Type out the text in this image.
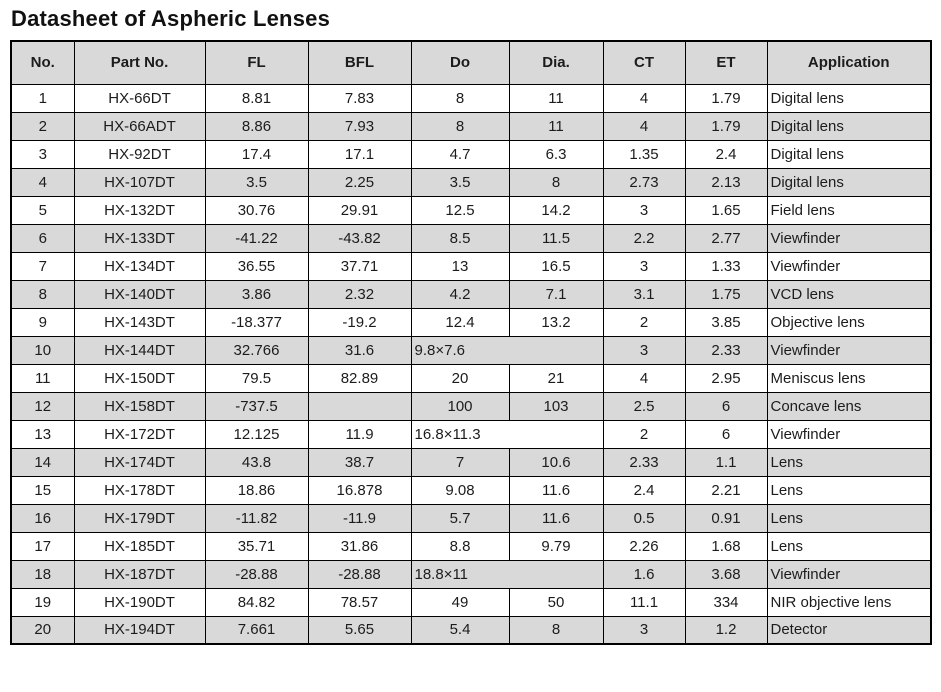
Datasheet of Aspheric Lenses
No.	Part No.	FL	BFL	Do	Dia.	CT	ET	Application
1	HX-66DT	8.81	7.83	8	11	4	1.79	Digital lens
2	HX-66ADT	8.86	7.93	8	11	4	1.79	Digital lens
3	HX-92DT	17.4	17.1	4.7	6.3	1.35	2.4	Digital lens
4	HX-107DT	3.5	2.25	3.5	8	2.73	2.13	Digital lens
5	HX-132DT	30.76	29.91	12.5	14.2	3	1.65	Field lens
6	HX-133DT	-41.22	-43.82	8.5	11.5	2.2	2.77	Viewfinder
7	HX-134DT	36.55	37.71	13	16.5	3	1.33	Viewfinder
8	HX-140DT	3.86	2.32	4.2	7.1	3.1	1.75	VCD lens
9	HX-143DT	-18.377	-19.2	12.4	13.2	2	3.85	Objective lens
10	HX-144DT	32.766	31.6	9.8×7.6		3	2.33	Viewfinder
11	HX-150DT	79.5	82.89	20	21	4	2.95	Meniscus lens
12	HX-158DT	-737.5		100	103	2.5	6	Concave lens
13	HX-172DT	12.125	11.9	16.8×11.3		2	6	Viewfinder
14	HX-174DT	43.8	38.7	7	10.6	2.33	1.1	Lens
15	HX-178DT	18.86	16.878	9.08	11.6	2.4	2.21	Lens
16	HX-179DT	-11.82	-11.9	5.7	11.6	0.5	0.91	Lens
17	HX-185DT	35.71	31.86	8.8	9.79	2.26	1.68	Lens
18	HX-187DT	-28.88	-28.88	18.8×11		1.6	3.68	Viewfinder
19	HX-190DT	84.82	78.57	49	50	11.1	334	NIR objective lens
20	HX-194DT	7.661	5.65	5.4	8	3	1.2	Detector
